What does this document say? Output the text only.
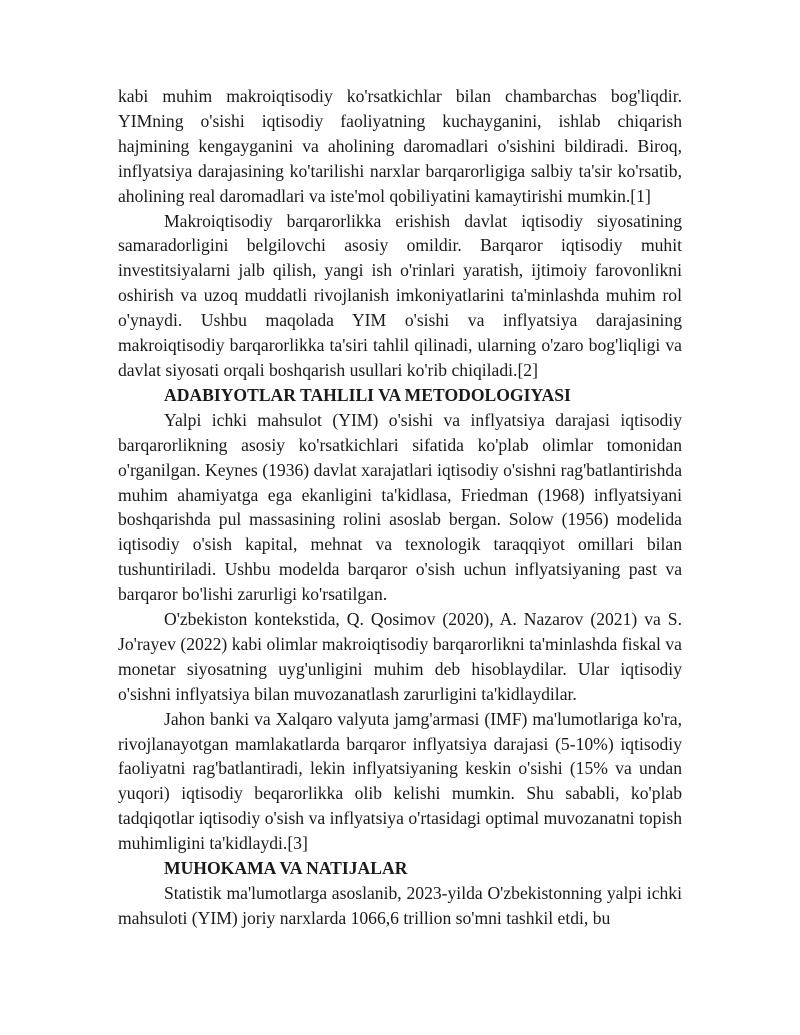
kabi muhim makroiqtisodiy ko'rsatkichlar bilan chambarchas bog'liqdir. YIMning o'sishi iqtisodiy faoliyatning kuchayganini, ishlab chiqarish hajmining kengayganini va aholining daromadlari o'sishini bildiradi. Biroq, inflyatsiya darajasining ko'tarilishi narxlar barqarorligiga salbiy ta'sir ko'rsatib, aholining real daromadlari va iste'mol qobiliyatini kamaytirishi mumkin.[1]

Makroiqtisodiy barqarorlikka erishish davlat iqtisodiy siyosatining samaradorligini belgilovchi asosiy omildir. Barqaror iqtisodiy muhit investitsiyalarni jalb qilish, yangi ish o'rinlari yaratish, ijtimoiy farovonlikni oshirish va uzoq muddatli rivojlanish imkoniyatlarini ta'minlashda muhim rol o'ynaydi. Ushbu maqolada YIM o'sishi va inflyatsiya darajasining makroiqtisodiy barqarorlikka ta'siri tahlil qilinadi, ularning o'zaro bog'liqligi va davlat siyosati orqali boshqarish usullari ko'rib chiqiladi.[2]

ADABIYOTLAR TAHLILI VA METODOLOGIYASI

Yalpi ichki mahsulot (YIM) o'sishi va inflyatsiya darajasi iqtisodiy barqarorlikning asosiy ko'rsatkichlari sifatida ko'plab olimlar tomonidan o'rganilgan. Keynes (1936) davlat xarajatlari iqtisodiy o'sishni rag'batlantirishda muhim ahamiyatga ega ekanligini ta'kidlasa, Friedman (1968) inflyatsiyani boshqarishda pul massasining rolini asoslab bergan. Solow (1956) modelida iqtisodiy o'sish kapital, mehnat va texnologik taraqqiyot omillari bilan tushuntiriladi. Ushbu modelda barqaror o'sish uchun inflyatsiyaning past va barqaror bo'lishi zarurligi ko'rsatilgan.

O'zbekiston kontekstida, Q. Qosimov (2020), A. Nazarov (2021) va S. Jo'rayev (2022) kabi olimlar makroiqtisodiy barqarorlikni ta'minlashda fiskal va monetar siyosatning uyg'unligini muhim deb hisoblaydilar. Ular iqtisodiy o'sishni inflyatsiya bilan muvozanatlash zarurligini ta'kidlaydilar.

Jahon banki va Xalqaro valyuta jamg'armasi (IMF) ma'lumotlariga ko'ra, rivojlanayotgan mamlakatlarda barqaror inflyatsiya darajasi (5-10%) iqtisodiy faoliyatni rag'batlantiradi, lekin inflyatsiyaning keskin o'sishi (15% va undan yuqori) iqtisodiy beqarorlikka olib kelishi mumkin. Shu sababli, ko'plab tadqiqotlar iqtisodiy o'sish va inflyatsiya o'rtasidagi optimal muvozanatni topish muhimligini ta'kidlaydi.[3]

MUHOKAMA VA NATIJALAR

Statistik ma'lumotlarga asoslanib, 2023-yilda O'zbekistonning yalpi ichki mahsuloti (YIM) joriy narxlarda 1066,6 trillion so'mni tashkil etdi, bu
